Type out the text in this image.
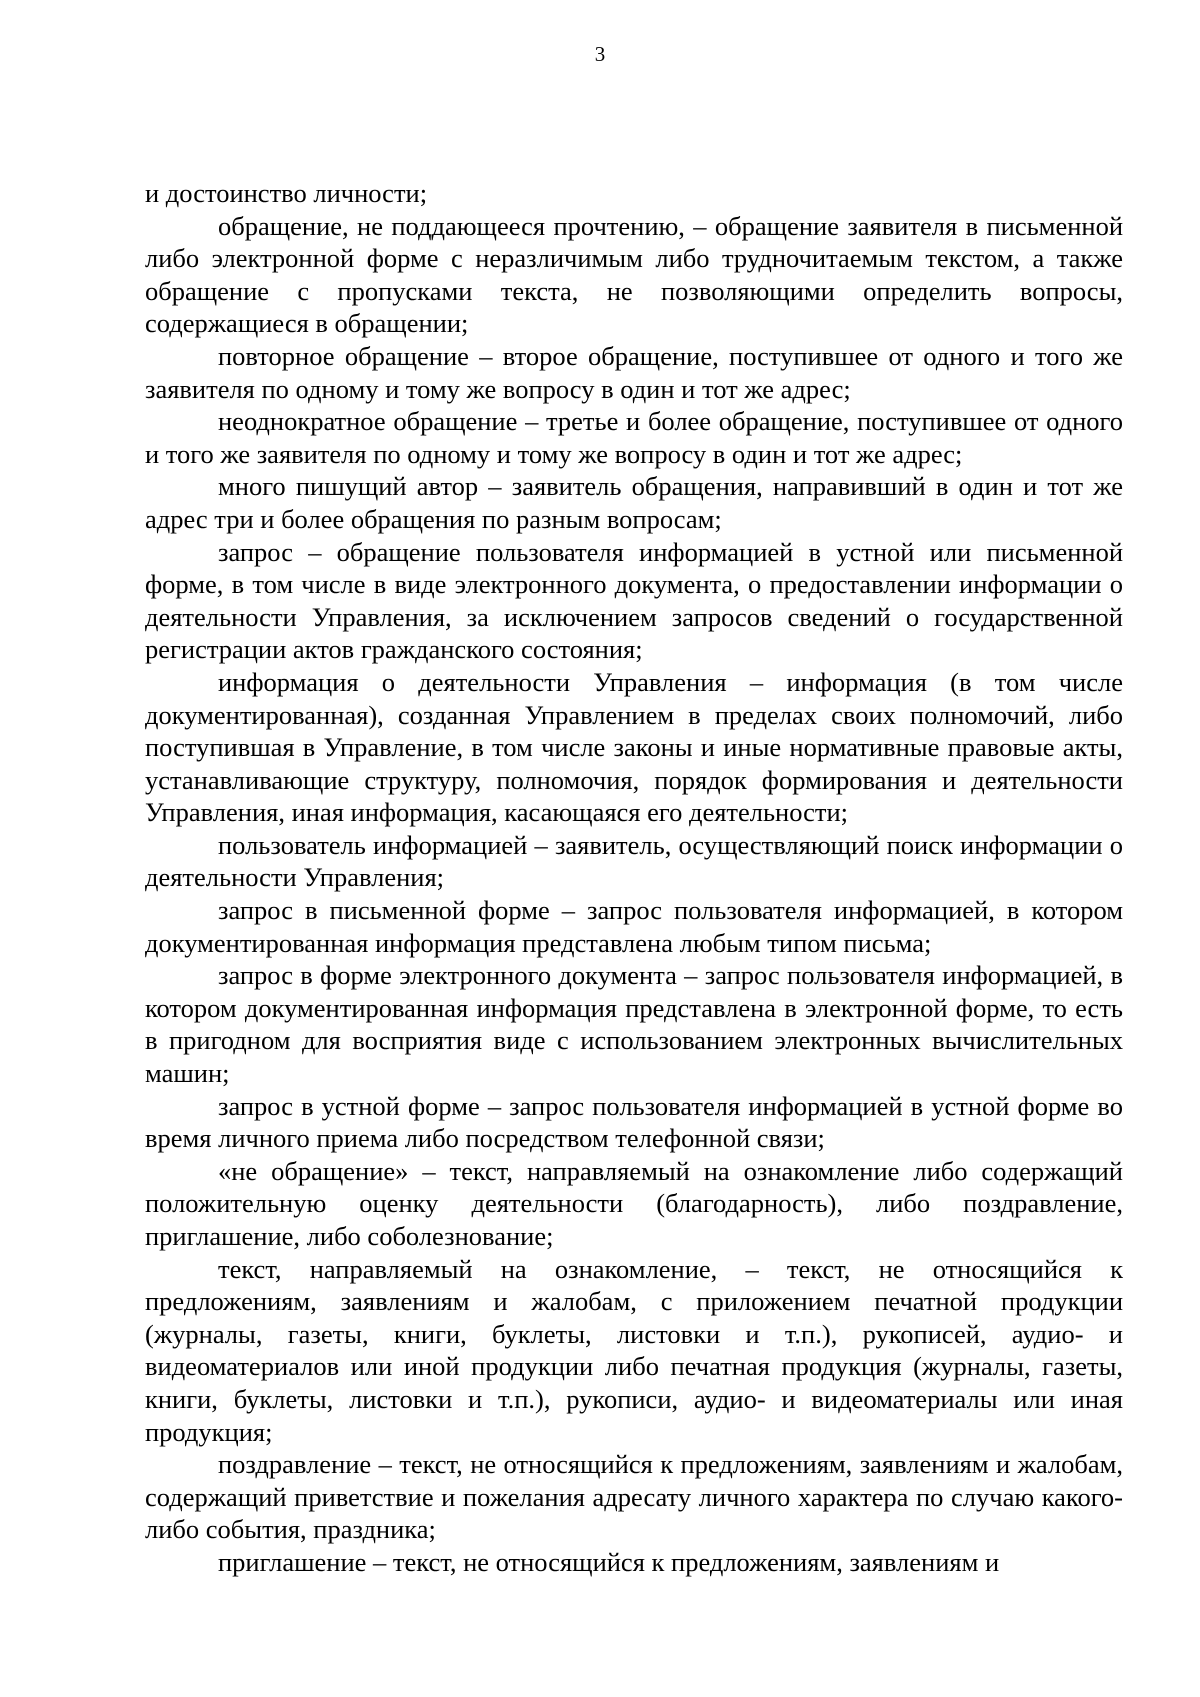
3

и достоинство личности;

обращение, не поддающееся прочтению, – обращение заявителя в письменной либо электронной форме с неразличимым либо трудночитаемым текстом, а также обращение с пропусками текста, не позволяющими определить вопросы, содержащиеся в обращении;

повторное обращение – второе обращение, поступившее от одного и того же заявителя по одному и тому же вопросу в один и тот же адрес;

неоднократное обращение – третье и более обращение, поступившее от одного и того же заявителя по одному и тому же вопросу в один и тот же адрес;

много пишущий автор – заявитель обращения, направивший в один и тот же адрес три и более обращения по разным вопросам;

запрос – обращение пользователя информацией в устной или письменной форме, в том числе в виде электронного документа, о предоставлении информации о деятельности Управления, за исключением запросов сведений о государственной регистрации актов гражданского состояния;

информация о деятельности Управления – информация (в том числе документированная), созданная Управлением в пределах своих полномочий, либо поступившая в Управление, в том числе законы и иные нормативные правовые акты, устанавливающие структуру, полномочия, порядок формирования и деятельности Управления, иная информация, касающаяся его деятельности;

пользователь информацией – заявитель, осуществляющий поиск информации о деятельности Управления;

запрос в письменной форме – запрос пользователя информацией, в котором документированная информация представлена любым типом письма;

запрос в форме электронного документа – запрос пользователя информацией, в котором документированная информация представлена в электронной форме, то есть в пригодном для восприятия виде с использованием электронных вычислительных машин;

запрос в устной форме – запрос пользователя информацией в устной форме во время личного приема либо посредством телефонной связи;

«не обращение» – текст, направляемый на ознакомление либо содержащий положительную оценку деятельности (благодарность), либо поздравление, приглашение, либо соболезнование;

текст, направляемый на ознакомление, – текст, не относящийся к предложениям, заявлениям и жалобам, с приложением печатной продукции (журналы, газеты, книги, буклеты, листовки и т.п.), рукописей, аудио- и видеоматериалов или иной продукции либо печатная продукция (журналы, газеты, книги, буклеты, листовки и т.п.), рукописи, аудио- и видеоматериалы или иная продукция;

поздравление – текст, не относящийся к предложениям, заявлениям и жалобам, содержащий приветствие и пожелания адресату личного характера по случаю какого-либо события, праздника;

приглашение – текст, не относящийся к предложениям, заявлениям и
